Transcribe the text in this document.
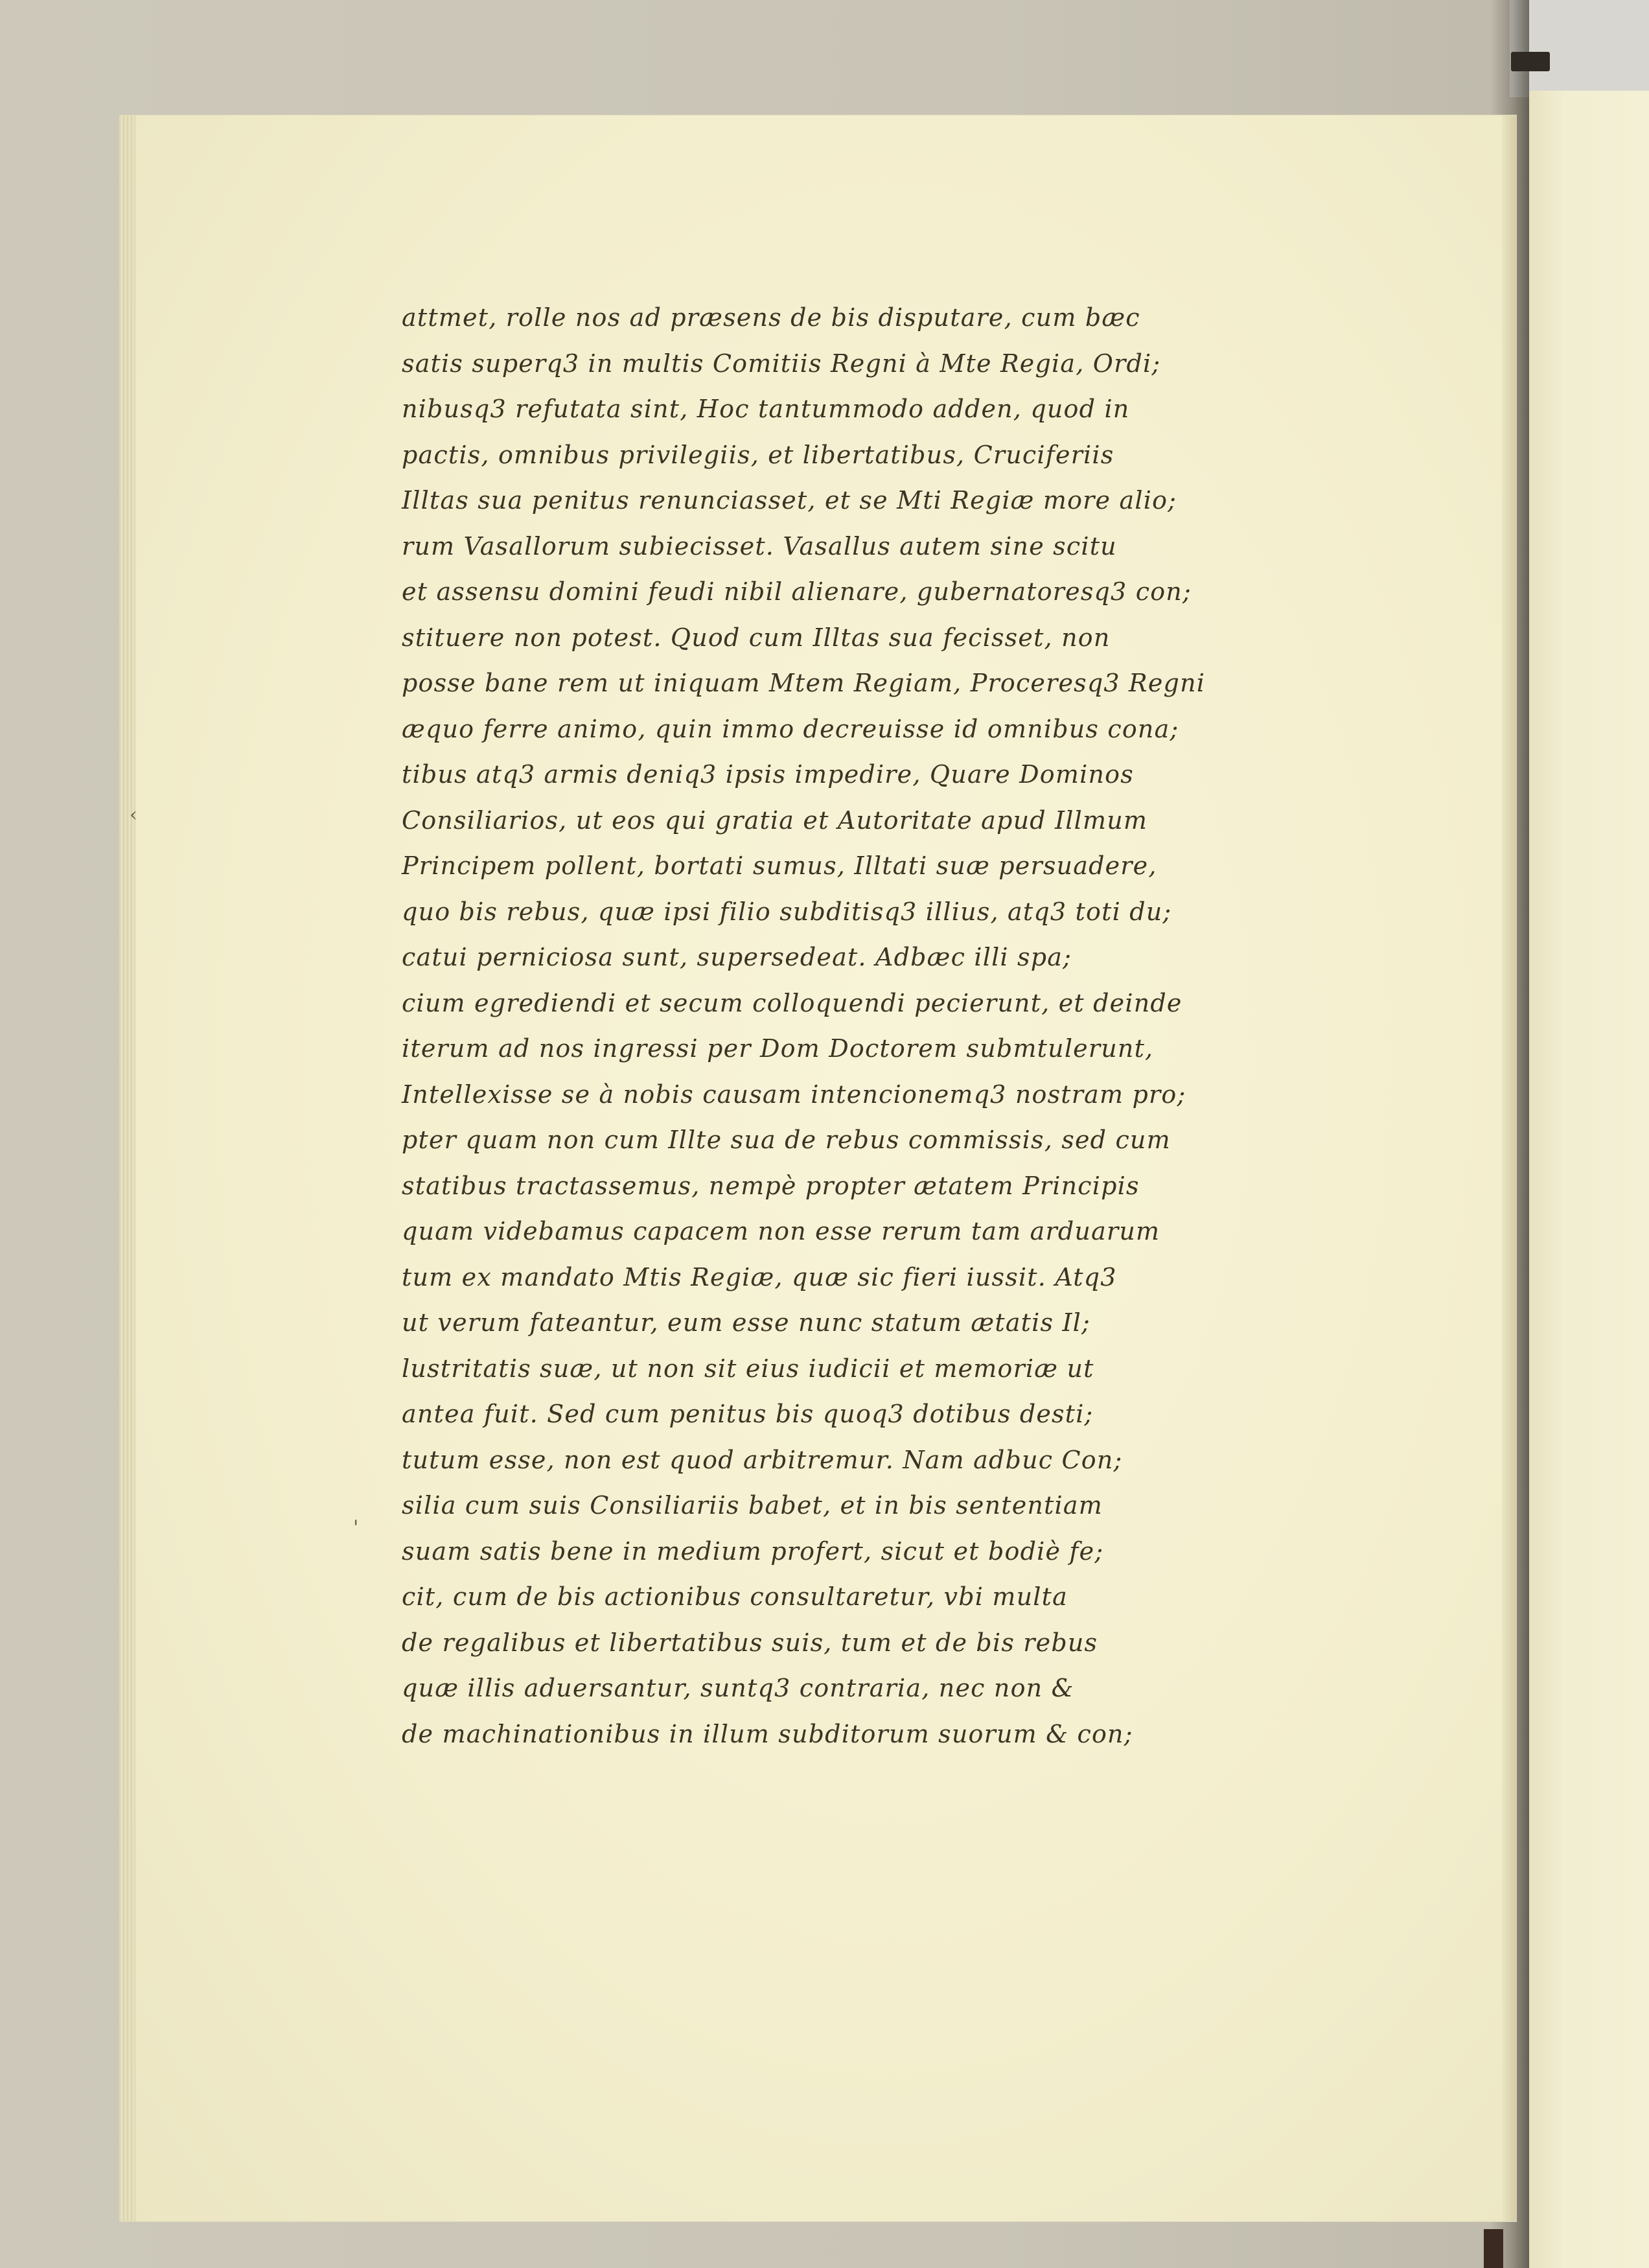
attmet, rolle nos ad præsens de bis disputare, cum bæc
satis superq3 in multis Comitiis Regni à Mte Regia, Ordi;
nibusq3 refutata sint, Hoc tantummodo adden, quod in
pactis, omnibus privilegiis, et libertatibus, Cruciferiis
Illtas sua penitus renunciasset, et se Mti Regiæ more alio;
rum Vasallorum subiecisset. Vasallus autem sine scitu
et assensu domini feudi nibil alienare, gubernatoresq3 con;
stituere non potest. Quod cum Illtas sua fecisset, non
posse bane rem ut iniquam Mtem Regiam, Proceresq3 Regni
æquo ferre animo, quin immo decreuisse id omnibus cona;
tibus atq3 armis deniq3 ipsis impedire, Quare Dominos
Consiliarios, ut eos qui gratia et Autoritate apud Illmum
Principem pollent, bortati sumus, Illtati suæ persuadere,
quo bis rebus, quæ ipsi filio subditisq3 illius, atq3 toti du;
catui perniciosa sunt, supersedeat. Adbæc illi spa;
cium egrediendi et secum colloquendi pecierunt, et deinde
iterum ad nos ingressi per Dom Doctorem submtulerunt,
Intellexisse se à nobis causam intencionemq3 nostram pro;
pter quam non cum Illte sua de rebus commissis, sed cum
statibus tractassemus, nempè propter ætatem Principis
quam videbamus capacem non esse rerum tam arduarum
tum ex mandato Mtis Regiæ, quæ sic fieri iussit. Atq3
ut verum fateantur, eum esse nunc statum ætatis Il;
lustritatis suæ, ut non sit eius iudicii et memoriæ ut
antea fuit. Sed cum penitus bis quoq3 dotibus desti;
tutum esse, non est quod arbitremur. Nam adbuc Con;
silia cum suis Consiliariis babet, et in bis sententiam
suam satis bene in medium profert, sicut et bodiè fe;
cit, cum de bis actionibus consultaretur, vbi multa
de regalibus et libertatibus suis, tum et de bis rebus
quæ illis aduersantur, suntq3 contraria, nec non &
de machinationibus in illum subditorum suorum & con;
‹
'
